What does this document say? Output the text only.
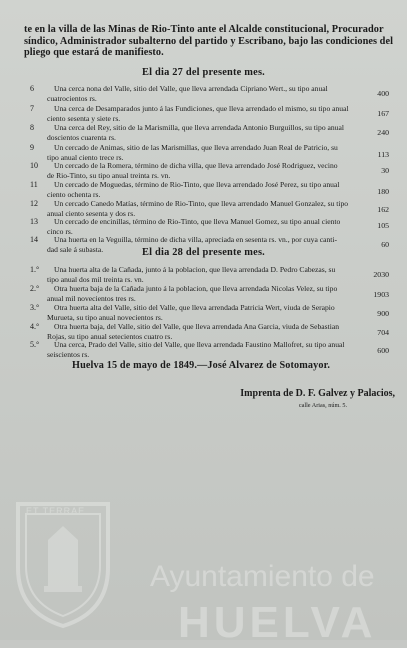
te en la villa de las Minas de Rio-Tinto ante el Alcalde constitucional, Procurador
síndico, Administrador subalterno del partido y Escribano, bajo las condiciones del
pliego que estará de manifiesto.
El dia 27 del presente mes.
6	Una cerca nona del Valle, sitio del Valle, que lleva arrendada Cipriano Wert., su tipo anual
cuatrocientos rs.
400
7	Una cerca de Desamparados junto á las Fundiciones, que lleva arrendado el mismo, su tipo anual
ciento sesenta y siete rs.
167
8	Una cerca del Rey, sitio de la Marismilla, que lleva arrendada Antonio Burguillos, su tipo anual
doscientos cuarenta rs.
240
9	Un cercado de Animas, sitio de las Marismillas, que lleva arrendado Juan Real de Patricio, su
tipo anual ciento trece rs.	113
10	Un cercado de la Romera, término de dicha villa, que lleva arrendado José Rodriguez, vecino
de Rio-Tinto, su tipo anual treinta rs. vn.
30
11	Un cercado de Moguedas, término de Rio-Tinto, que lleva arrendado José Perez, su tipo anual
ciento ochenta rs.	180
12	Un cercado Canedo Matías, término de Rio-Tinto, que lleva arrendado Manuel Gonzalez, su tipo
anual ciento sesenta y dos rs.	162
13	Un cercado de encinillas, término de Rio-Tinto, que lleva Manuel Gomez, su tipo anual ciento
cinco rs.
105
14	Una huerta en la Veguilla, término de dicha villa, apreciada en sesenta rs. vn., por cuya canti-
dad sale á subasta.
60
El dia 28 del presente mes.
1.°	Una huerta alta de la Cañada, junto á la poblacion, que lleva arrendada D. Pedro Cabezas, su
tipo anual dos mil treinta rs. vn.
2030
2.°	Otra huerta baja de la Cañada junto á la poblacion, que lleva arrendada Nicolas Velez, su tipo
anual mil novecientos tres rs.	1903
3.°	Otra huerta alta del Valle, sitio del Valle, que lleva arrendada Patricia Wert, viuda de Serapio
Murueta, su tipo anual novecientos rs.	900
4.°	Otra huerta baja, del Valle, sitio del Valle, que lleva arrendada Ana Garcia, viuda de Sebastian
Rojas, su tipo anual setecientos cuatro rs.	704
5.°	Una cerca, Prado del Valle, sitio del Valle, que lleva arrendada Faustino Mallofret, su tipo anual
seiscientos rs.	600
Huelva 15 de mayo de 1849.—José Alvarez de Sotomayor.
Imprenta de D. F. Galvez y Palacios,
calle Arias, núm. 5.
ET TERRAE
Ayuntamiento de
HUELVA
